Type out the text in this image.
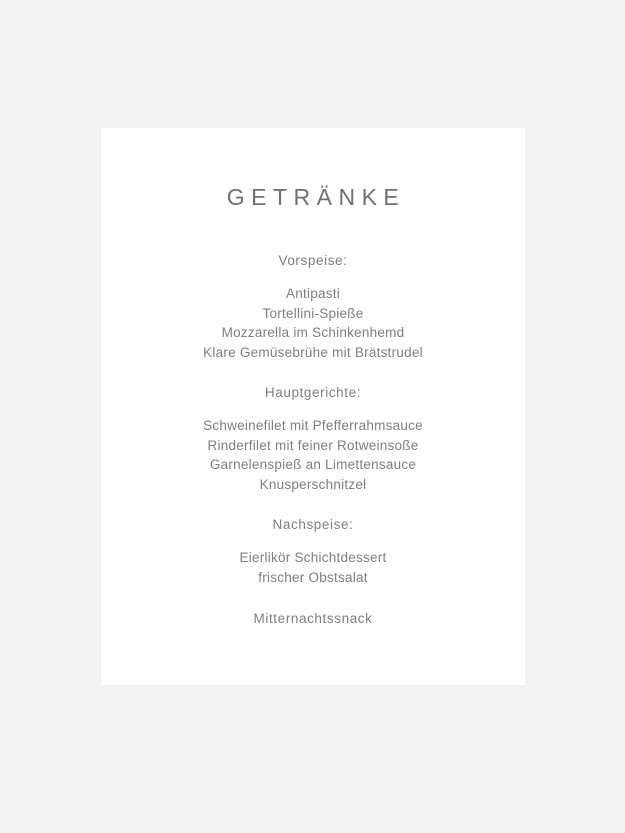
GETRÄNKE
Vorspeise:
Antipasti
Tortellini-Spieße
Mozzarella im Schinkenhemd
Klare Gemüsebrühe mit Brätstrudel
Hauptgerichte:
Schweinefilet mit Pfefferrahmsauce
Rinderfilet mit feiner Rotweinsoße
Garnelenspieß an Limettensauce
Knusperschnitzel
Nachspeise:
Eierlikör Schichtdessert
frischer Obstsalat
Mitternachtssnack
